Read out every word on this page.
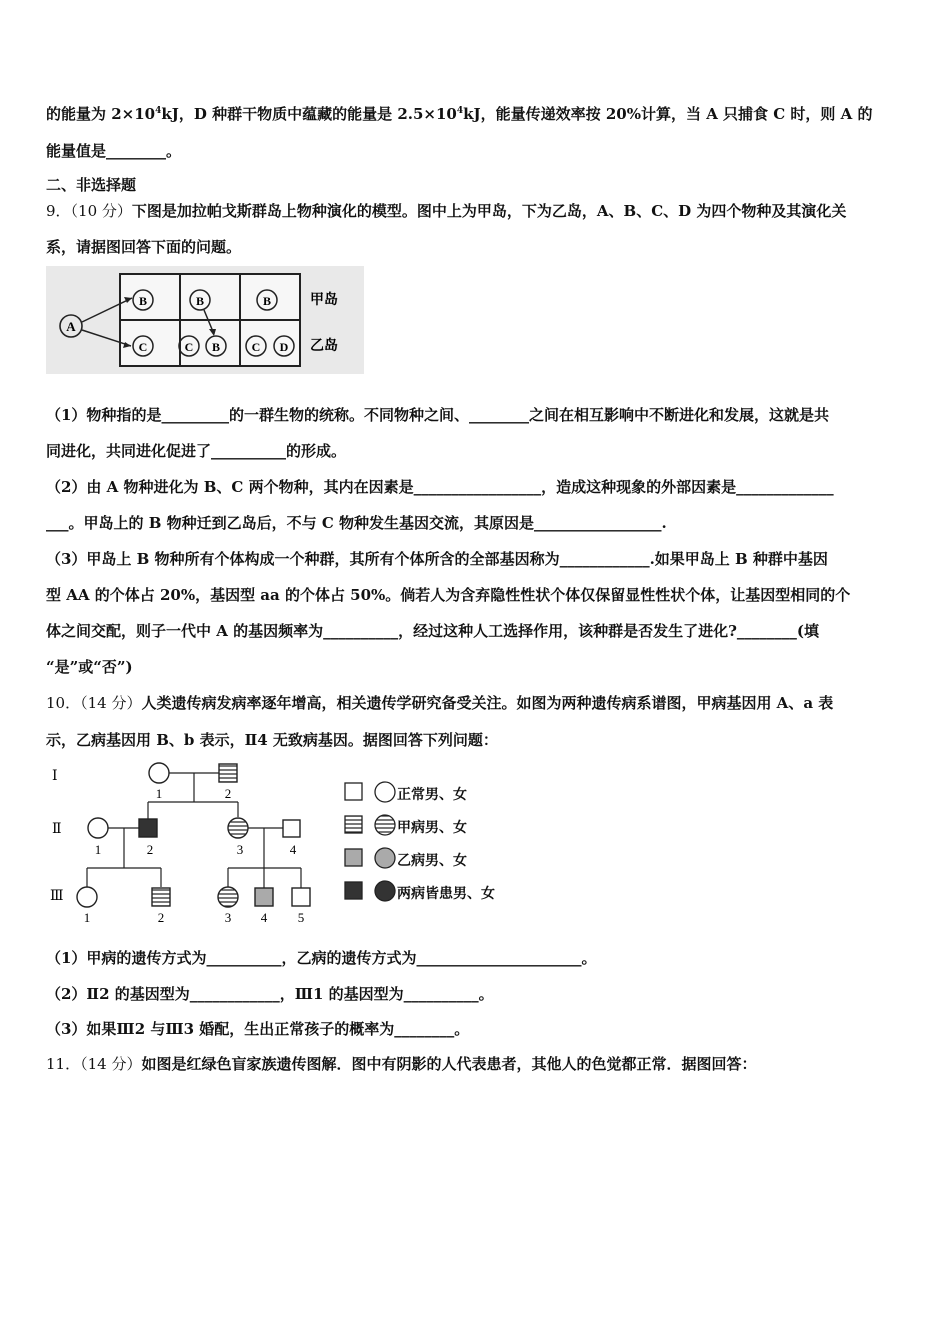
的能量为 $2\times 10^4kJ$，D 种群干物质中蕴藏的能量是 $2.5\times 10^4kJ$，能量传递效率按 20%计算，当 A 只捕食 C 时，则 A 的
能量值是________。
二、非选择题
9．（10 分）下图是加拉帕戈斯群岛上物种演化的模型。图中上为甲岛，下为乙岛，A、B、C、D 为四个物种及其演化关
系，请据图回答下面的问题。
A
B	B	B
C	C B	C D
甲岛
乙岛
（1）物种指的是_________的一群生物的统称。不同物种之间、________之间在相互影响中不断进化和发展，这就是共
同进化，共同进化促进了__________的形成。
（2）由 A 物种进化为 B、C 两个物种，其内在因素是_________________，造成这种现象的外部因素是_____________
___。甲岛上的 B 物种迁到乙岛后，不与 C 物种发生基因交流，其原因是_________________.
（3）甲岛上 B 物种所有个体构成一个种群，其所有个体所含的全部基因称为____________.如果甲岛上 B 种群中基因
型 AA 的个体占 20%，基因型 aa 的个体占 50%。倘若人为含弃隐性性状个体仅保留显性性状个体，让基因型相同的个
体之间交配，则子一代中 A 的基因频率为__________，经过这种人工选择作用，该种群是否发生了进化?________(填
“是”或“否”)
10．（14 分）人类遗传病发病率逐年增高，相关遗传学研究备受关注。如图为两种遗传病系谱图，甲病基因用 A、a 表
示，乙病基因用 B、b 表示，Ⅱ4 无致病基因。据图回答下列问题：
Ⅰ
Ⅱ
Ⅲ
1	2
1	2	3	4
1	2	3 4 5
正常男、女
甲病男、女
乙病男、女
两病皆患男、女
（1）甲病的遗传方式为__________，乙病的遗传方式为______________________。
（2）Ⅱ2 的基因型为____________，Ⅲ1 的基因型为__________。
（3）如果Ⅲ2 与Ⅲ3 婚配，生出正常孩子的概率为________。
11．（14 分）如图是红绿色盲家族遗传图解．图中有阴影的人代表患者，其他人的色觉都正常．据图回答：
